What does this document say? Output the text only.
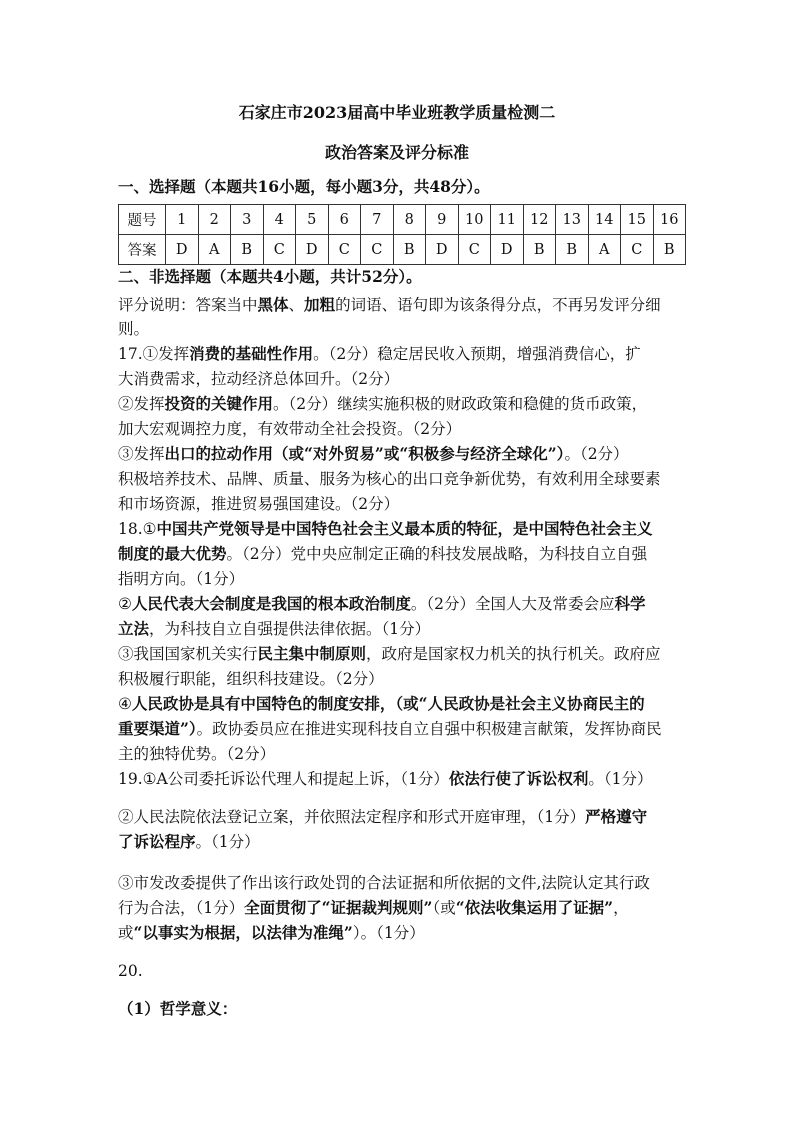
石家庄市2023届高中毕业班教学质量检测二
政治答案及评分标准
一、选择题（本题共16小题，每小题3分，共48分）。
题号	1	2	3	4	5	6	7	8	9	10	11	12	13	14	15	16
答案	D	A	B	C	D	C	C	B	D	C	D	B	B	A	C	B
二、非选择题（本题共4小题，共计52分）。
评分说明：答案当中黑体、加粗的词语、语句即为该条得分点，不再另发评分细
则。
17.①发挥消费的基础性作用。（2分）稳定居民收入预期，增强消费信心，扩
大消费需求，拉动经济总体回升。（2分）
②发挥投资的关键作用。（2分）继续实施积极的财政政策和稳健的货币政策，
加大宏观调控力度，有效带动全社会投资。（2分）
③发挥出口的拉动作用（或“对外贸易”或“积极参与经济全球化”）。（2分）
积极培养技术、品牌、质量、服务为核心的出口竞争新优势，有效利用全球要素
和市场资源，推进贸易强国建设。（2分）
18.①中国共产党领导是中国特色社会主义最本质的特征，是中国特色社会主义
制度的最大优势。（2分）党中央应制定正确的科技发展战略，为科技自立自强
指明方向。（1分）
②人民代表大会制度是我国的根本政治制度。（2分）全国人大及常委会应科学
立法，为科技自立自强提供法律依据。（1分）
③我国国家机关实行民主集中制原则，政府是国家权力机关的执行机关。政府应
积极履行职能，组织科技建设。（2分）
④人民政协是具有中国特色的制度安排，（或“人民政协是社会主义协商民主的
重要渠道”）。政协委员应在推进实现科技自立自强中积极建言献策，发挥协商民
主的独特优势。（2分）
19.①A公司委托诉讼代理人和提起上诉，（1分）依法行使了诉讼权利。（1分）
②人民法院依法登记立案，并依照法定程序和形式开庭审理，（1分）严格遵守
了诉讼程序。（1分）
③市发改委提供了作出该行政处罚的合法证据和所依据的文件,法院认定其行政
行为合法，（1分）全面贯彻了“证据裁判规则”（或“依法收集运用了证据”，
或“以事实为根据，以法律为准绳”）。（1分）
20.
（1）哲学意义：
